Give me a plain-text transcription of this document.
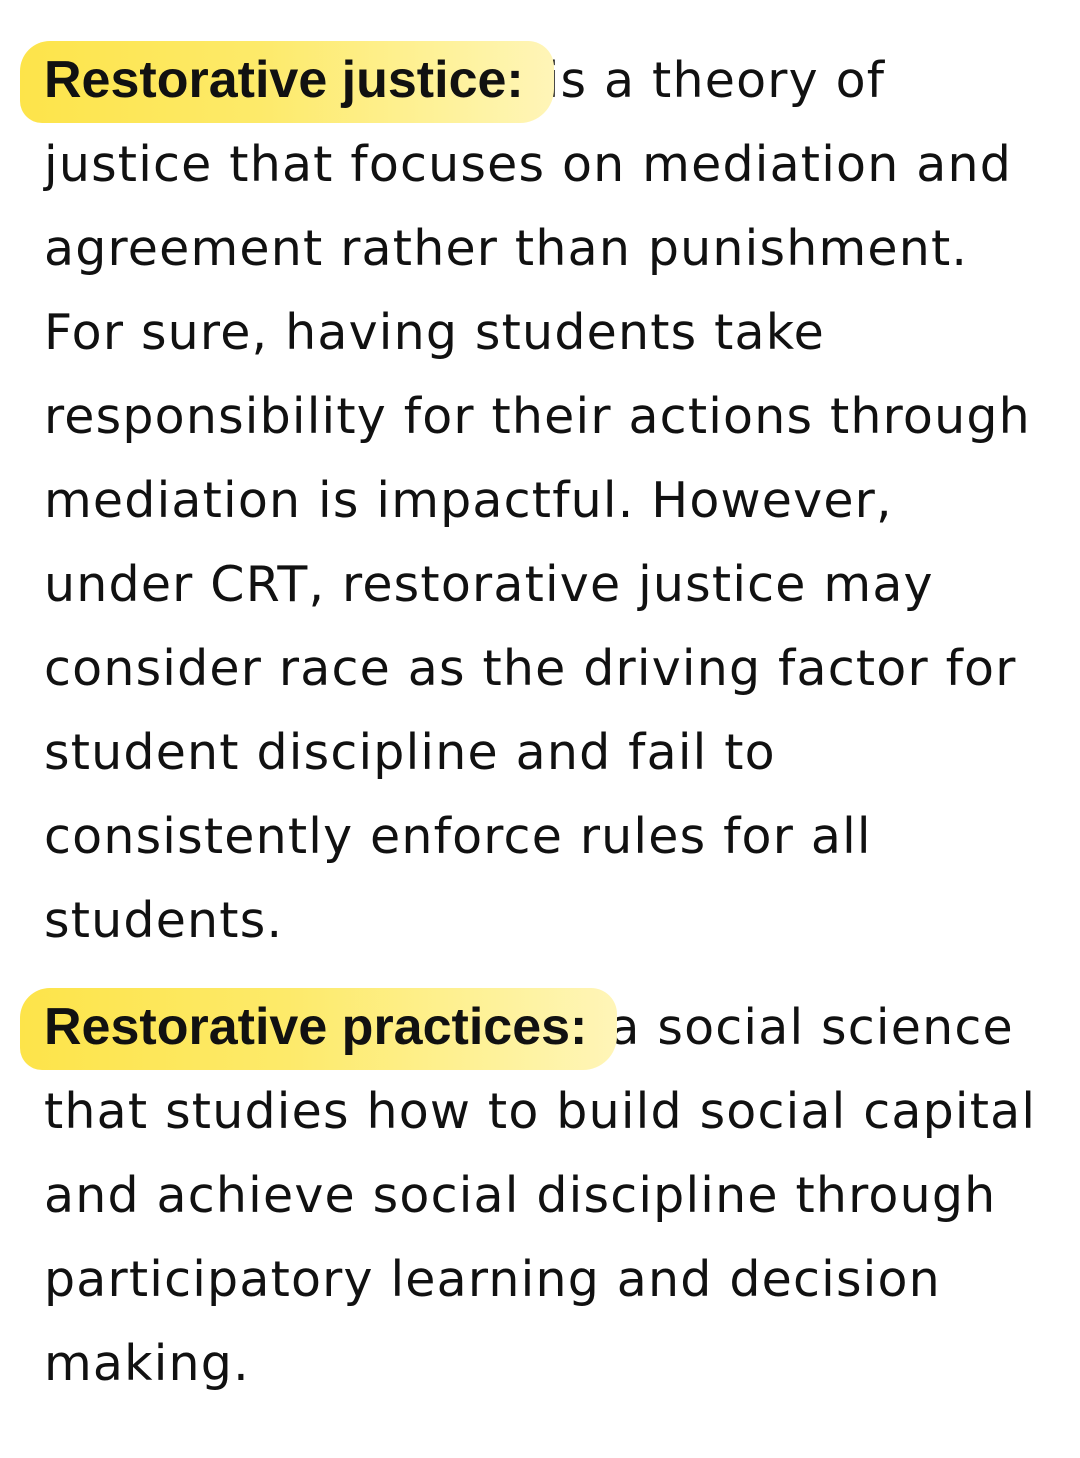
Restorative justice: is a theory of justice that focuses on mediation and agreement rather than punishment. For sure, having students take responsibility for their actions through mediation is impactful. However, under CRT, restorative justice may consider race as the driving factor for student discipline and fail to consistently enforce rules for all students.

Restorative practices: a social science that studies how to build social capital and achieve social discipline through participatory learning and decision making.
